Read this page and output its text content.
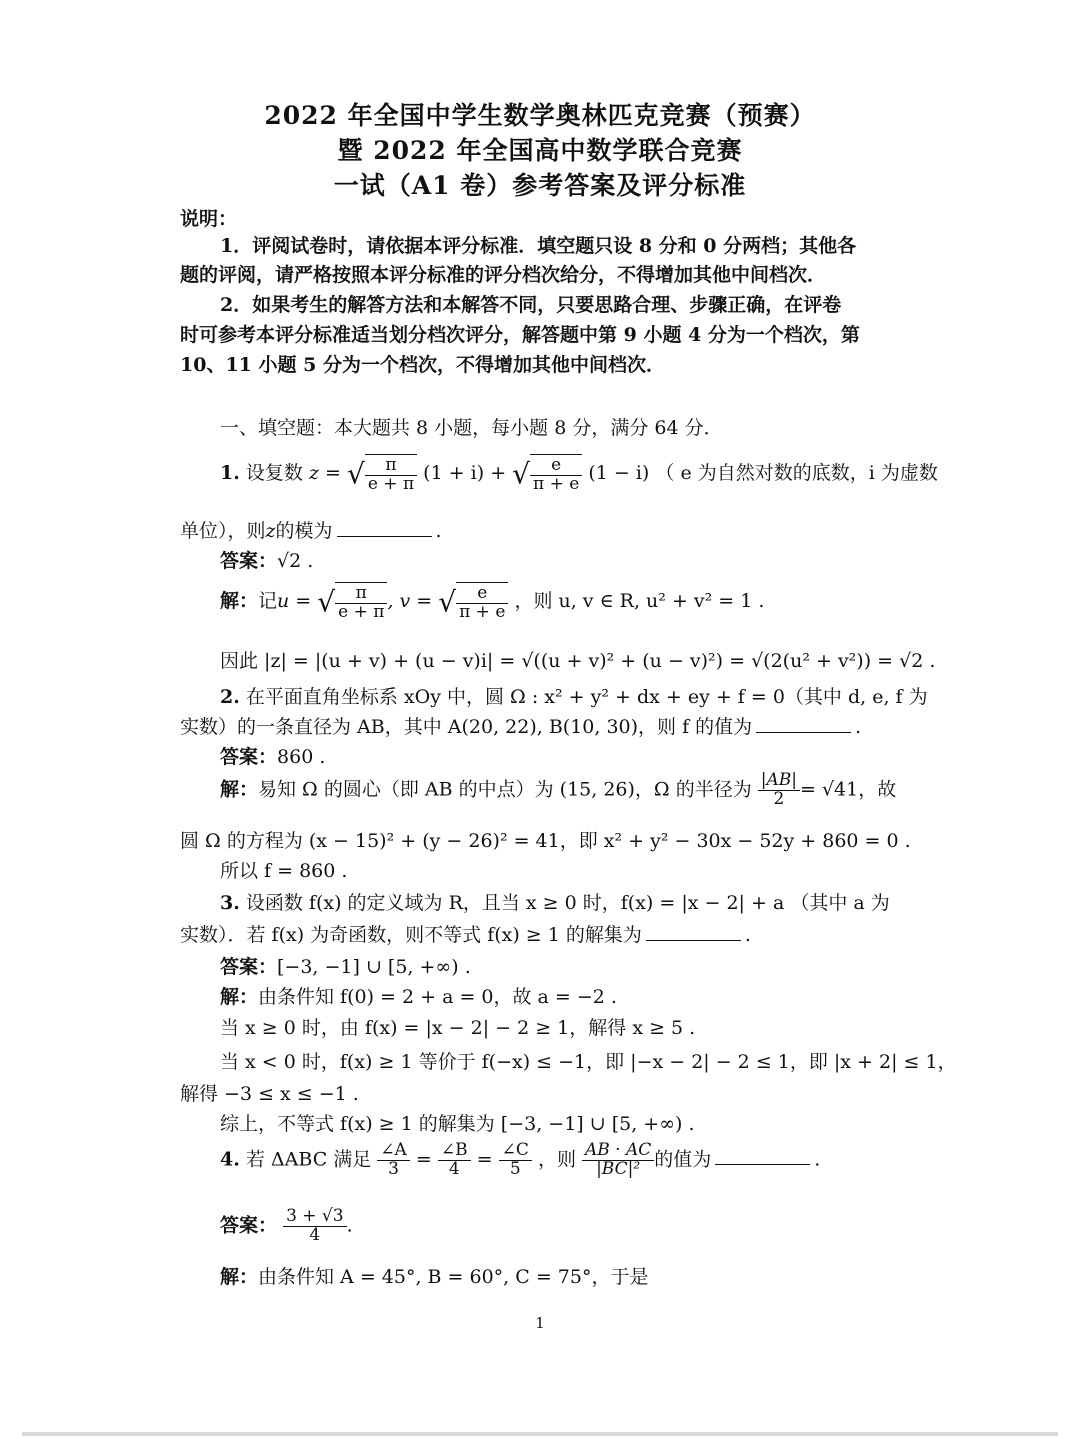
2022 年全国中学生数学奥林匹克竞赛（预赛）
暨 2022 年全国高中数学联合竞赛
一试（A1 卷）参考答案及评分标准
说明：
1．评阅试卷时，请依据本评分标准．填空题只设 8 分和 0 分两档；其他各
题的评阅，请严格按照本评分标准的评分档次给分，不得增加其他中间档次．
2．如果考生的解答方法和本解答不同，只要思路合理、步骤正确，在评卷
时可参考本评分标准适当划分档次评分，解答题中第 9 小题 4 分为一个档次，第
10、11 小题 5 分为一个档次，不得增加其他中间档次．
一、填空题：本大题共 8 小题，每小题 8 分，满分 64 分．
1. 设复数 z = √ $\frac{\pi}{e + \pi} (1 + i)$ + √ $\frac{e}{\pi + e} (1 - i)$ （ e 为自然对数的底数，i 为虚数
单位），则z的模为	.
答案：√2 .
解：记u = √ $\frac{\pi}{e + \pi}$ , v = √ $\frac{e}{\pi + e}$ ，则 u, v ∈ R, u² + v² = 1 .
因此 |z| = |(u + v) + (u − v)i| = √((u + v)² + (u − v)²) = √(2(u² + v²)) = √2 .
2. 在平面直角坐标系 xOy 中，圆 Ω : x² + y² + dx + ey + f = 0（其中 d, e, f 为
实数）的一条直径为 AB，其中 A(20, 22), B(10, 30)，则 f 的值为	.
答案：860 .
解：易知 Ω 的圆心（即 AB 的中点）为 (15, 26)，Ω 的半径为 $\frac{|AB|}{2} = √41$，故
圆 Ω 的方程为 (x − 15)² + (y − 26)² = 41，即 x² + y² − 30x − 52y + 860 = 0 .
所以 f = 860 .
3. 设函数 f(x) 的定义域为 R，且当 x ≥ 0 时，f(x) = |x − 2| + a （其中 a 为
实数）．若 f(x) 为奇函数，则不等式 f(x) ≥ 1 的解集为	.
答案：[−3, −1] ∪ [5, +∞) .
解：由条件知 f(0) = 2 + a = 0，故 a = −2 .
当 x ≥ 0 时，由 f(x) = |x − 2| − 2 ≥ 1，解得 x ≥ 5 .
当 x < 0 时，f(x) ≥ 1 等价于 f(−x) ≤ −1，即 |−x − 2| − 2 ≤ 1，即 |x + 2| ≤ 1，
解得 −3 ≤ x ≤ −1 .
综上，不等式 f(x) ≥ 1 的解集为 [−3, −1] ∪ [5, +∞) .
4. 若 ΔABC 满足 $\frac{\angle A}{3} = \frac{\angle B}{4} = \frac{\angle C}{5}$ ，则 $\frac{AB \cdot AC}{\text{|BC|²}}$ 的值为	.
答案： $\frac{3 + √3}{4}$ .
解：由条件知 A = 45°, B = 60°, C = 75°，于是
1
